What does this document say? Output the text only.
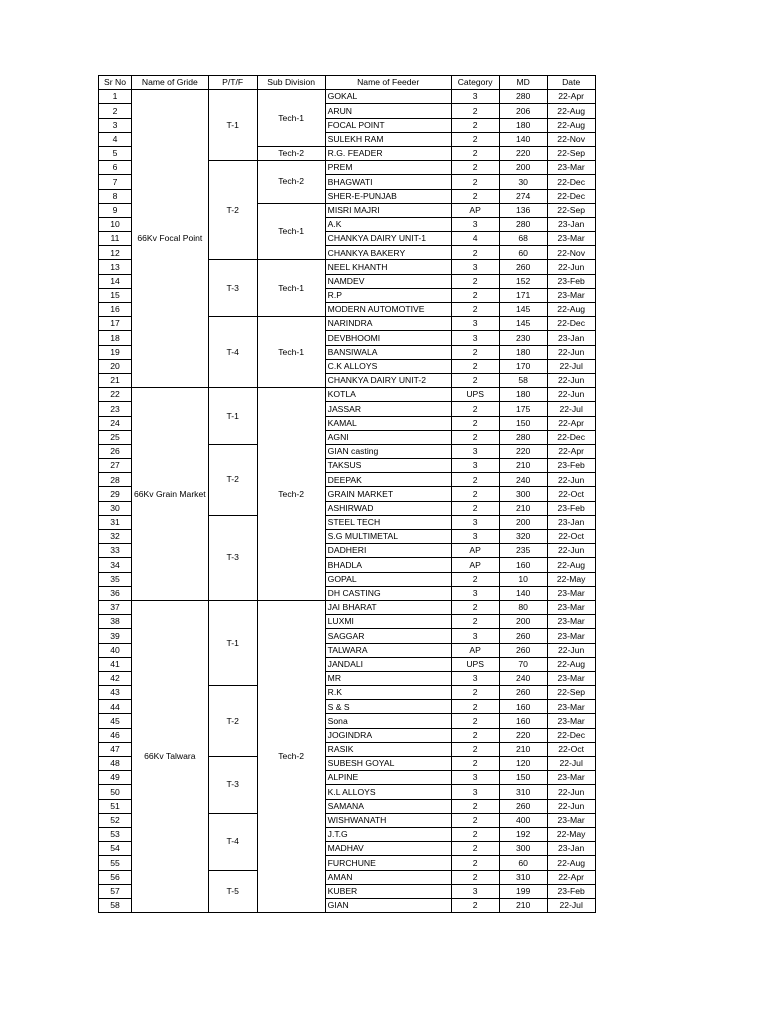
Sr No	Name of Gride	P/T/F	Sub Division	Name of Feeder	Category	MD	Date
1	66Kv Focal Point	T-1	Tech-1	GOKAL	3	280	22-Apr
2				ARUN	2	206	22-Aug
3				FOCAL POINT	2	180	22-Aug
4				SULEKH RAM	2	140	22-Nov
5			Tech-2	R.G. FEADER	2	220	22-Sep
6		T-2	Tech-2	PREM	2	200	23-Mar
7				BHAGWATI	2	30	22-Dec
8				SHER-E-PUNJAB	2	274	22-Dec
9			Tech-1	MISRI MAJRI	AP	136	22-Sep
10				A.K	3	280	23-Jan
11				CHANKYA DAIRY UNIT-1	4	68	23-Mar
12				CHANKYA BAKERY	2	60	22-Nov
13		T-3	Tech-1	NEEL KHANTH	3	260	22-Jun
14				NAMDEV	2	152	23-Feb
15				R.P	2	171	23-Mar
16				MODERN AUTOMOTIVE	2	145	22-Aug
17		T-4	Tech-1	NARINDRA	3	145	22-Dec
18				DEVBHOOMI	3	230	23-Jan
19				BANSIWALA	2	180	22-Jun
20				C.K ALLOYS	2	170	22-Jul
21				CHANKYA DAIRY UNIT-2	2	58	22-Jun
22	66Kv Grain Market	T-1	Tech-2	KOTLA	UPS	180	22-Jun
23				JASSAR	2	175	22-Jul
24				KAMAL	2	150	22-Apr
25				AGNI	2	280	22-Dec
26		T-2		GIAN casting	3	220	22-Apr
27				TAKSUS	3	210	23-Feb
28				DEEPAK	2	240	22-Jun
29				GRAIN MARKET	2	300	22-Oct
30				ASHIRWAD	2	210	23-Feb
31		T-3		STEEL TECH	3	200	23-Jan
32				S.G MULTIMETAL	3	320	22-Oct
33				DADHERI	AP	235	22-Jun
34				BHADLA	AP	160	22-Aug
35				GOPAL	2	10	22-May
36				DH CASTING	3	140	23-Mar
37	66Kv Talwara	T-1	Tech-2	JAI BHARAT	2	80	23-Mar
38				LUXMI	2	200	23-Mar
39				SAGGAR	3	260	23-Mar
40				TALWARA	AP	260	22-Jun
41				JANDALI	UPS	70	22-Aug
42				MR	3	240	23-Mar
43		T-2		R.K	2	260	22-Sep
44				S & S	2	160	23-Mar
45				Sona	2	160	23-Mar
46				JOGINDRA	2	220	22-Dec
47				RASIK	2	210	22-Oct
48		T-3		SUBESH GOYAL	2	120	22-Jul
49				ALPINE	3	150	23-Mar
50				K.L ALLOYS	3	310	22-Jun
51				SAMANA	2	260	22-Jun
52		T-4		WISHWANATH	2	400	23-Mar
53				J.T.G	2	192	22-May
54				MADHAV	2	300	23-Jan
55				FURCHUNE	2	60	22-Aug
56		T-5		AMAN	2	310	22-Apr
57				KUBER	3	199	23-Feb
58				GIAN	2	210	22-Jul
